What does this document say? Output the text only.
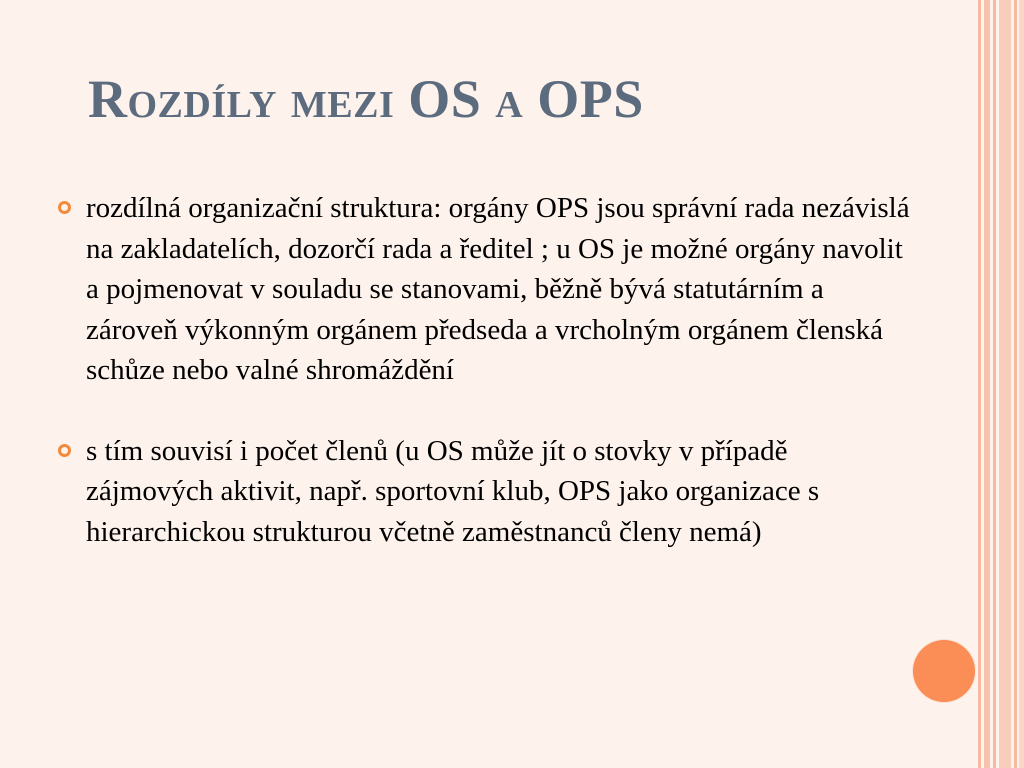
Rozdíly mezi OS a OPS
rozdílná organizační struktura: orgány OPS jsou správní rada nezávislá na zakladatelích, dozorčí rada a ředitel ; u OS je možné orgány navolit a pojmenovat v souladu se stanovami, běžně bývá statutárním a zároveň výkonným orgánem předseda a vrcholným orgánem členská schůze nebo valné shromáždění
s tím souvisí i počet členů (u OS může jít o stovky v případě zájmových aktivit, např. sportovní klub, OPS jako organizace s hierarchickou strukturou včetně zaměstnanců členy nemá)
